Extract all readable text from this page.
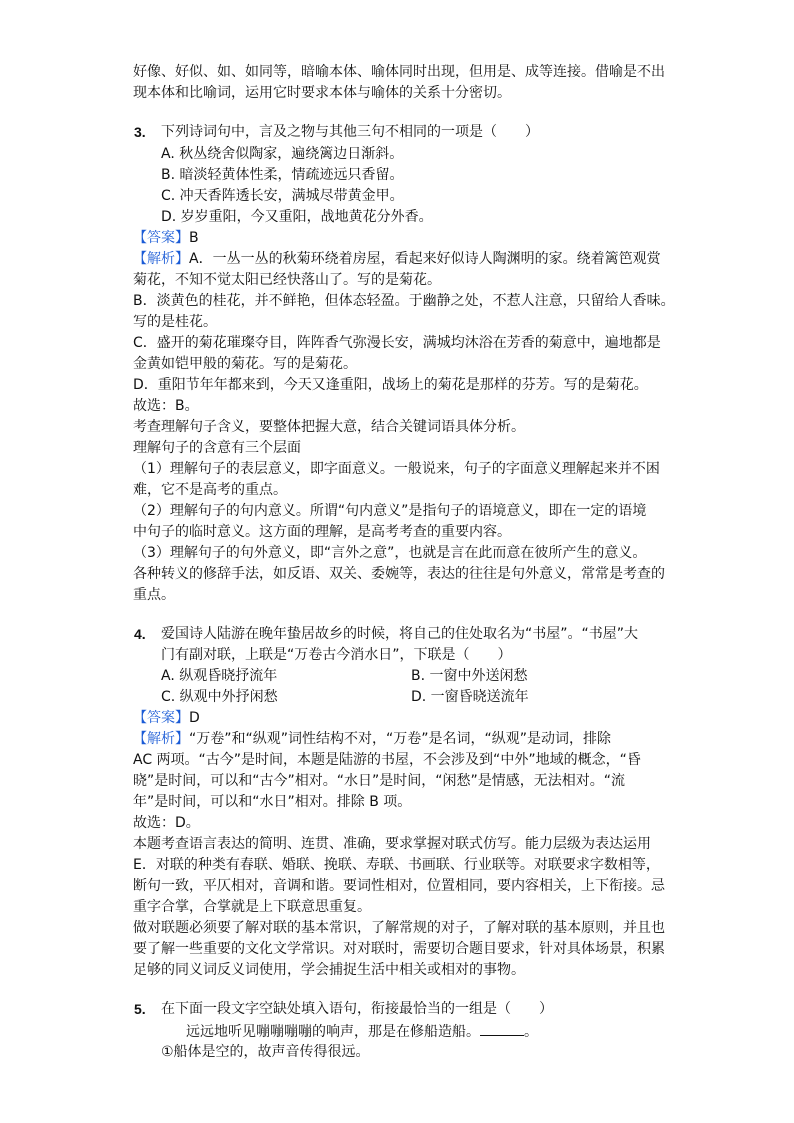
好像、好似、如、如同等，暗喻本体、喻体同时出现，但用是、成等连接。借喻是不出
现本体和比喻词，运用它时要求本体与喻体的关系十分密切。
3. 下列诗词句中，言及之物与其他三句不相同的一项是（　　）
A. 秋丛绕舍似陶家，遍绕篱边日渐斜。
B. 暗淡轻黄体性柔，情疏迹远只香留。
C. 冲天香阵透长安，满城尽带黄金甲。
D. 岁岁重阳，今又重阳，战地黄花分外香。
【答案】B
【解析】A．一丛一丛的秋菊环绕着房屋，看起来好似诗人陶渊明的家。绕着篱笆观赏
菊花，不知不觉太阳已经快落山了。写的是菊花。
B．淡黄色的桂花，并不鲜艳，但体态轻盈。于幽静之处，不惹人注意，只留给人香味。
写的是桂花。
C．盛开的菊花璀璨夺目，阵阵香气弥漫长安，满城均沐浴在芳香的菊意中，遍地都是
金黄如铠甲般的菊花。写的是菊花。
D．重阳节年年都来到，今天又逢重阳，战场上的菊花是那样的芬芳。写的是菊花。
故选：B。
考查理解句子含义，要整体把握大意，结合关键词语具体分析。
理解句子的含意有三个层面
（1）理解句子的表层意义，即字面意义。一般说来，句子的字面意义理解起来并不困
难，它不是高考的重点。
（2）理解句子的句内意义。所谓“句内意义”是指句子的语境意义，即在一定的语境
中句子的临时意义。这方面的理解，是高考考查的重要内容。
（3）理解句子的句外意义，即“言外之意”，也就是言在此而意在彼所产生的意义。
各种转义的修辞手法，如反语、双关、委婉等，表达的往往是句外意义，常常是考查的
重点。
4. 爱国诗人陆游在晚年蛰居故乡的时候，将自己的住处取名为“书屋”。“书屋”大
门有副对联，上联是“万卷古今消水日”，下联是（　　）
A. 纵观昏晓抒流年	B. 一窗中外送闲愁
C. 纵观中外抒闲愁	D. 一窗昏晓送流年
【答案】D
【解析】“万卷”和“纵观”词性结构不对，“万卷”是名词，“纵观”是动词，排除
AC 两项。“古今”是时间，本题是陆游的书屋，不会涉及到“中外”地域的概念，“昏
晓”是时间，可以和“古今”相对。“水日”是时间，“闲愁”是情感，无法相对。“流
年”是时间，可以和“水日”相对。排除 B 项。
故选：D。
本题考查语言表达的简明、连贯、准确，要求掌握对联式仿写。能力层级为表达运用
E．对联的种类有春联、婚联、挽联、寿联、书画联、行业联等。对联要求字数相等，
断句一致，平仄相对，音调和谐。要词性相对，位置相同，要内容相关，上下衔接。忌
重字合掌，合掌就是上下联意思重复。
做对联题必须要了解对联的基本常识，了解常规的对子，了解对联的基本原则，并且也
要了解一些重要的文化文学常识。对对联时，需要切合题目要求，针对具体场景，积累
足够的同义词反义词使用，学会捕捉生活中相关或相对的事物。
5. 在下面一段文字空缺处填入语句，衔接最恰当的一组是（　　）
远远地听见嘣嘣嘣嘣的响声，那是在修船造船。	。
①船体是空的，故声音传得很远。
